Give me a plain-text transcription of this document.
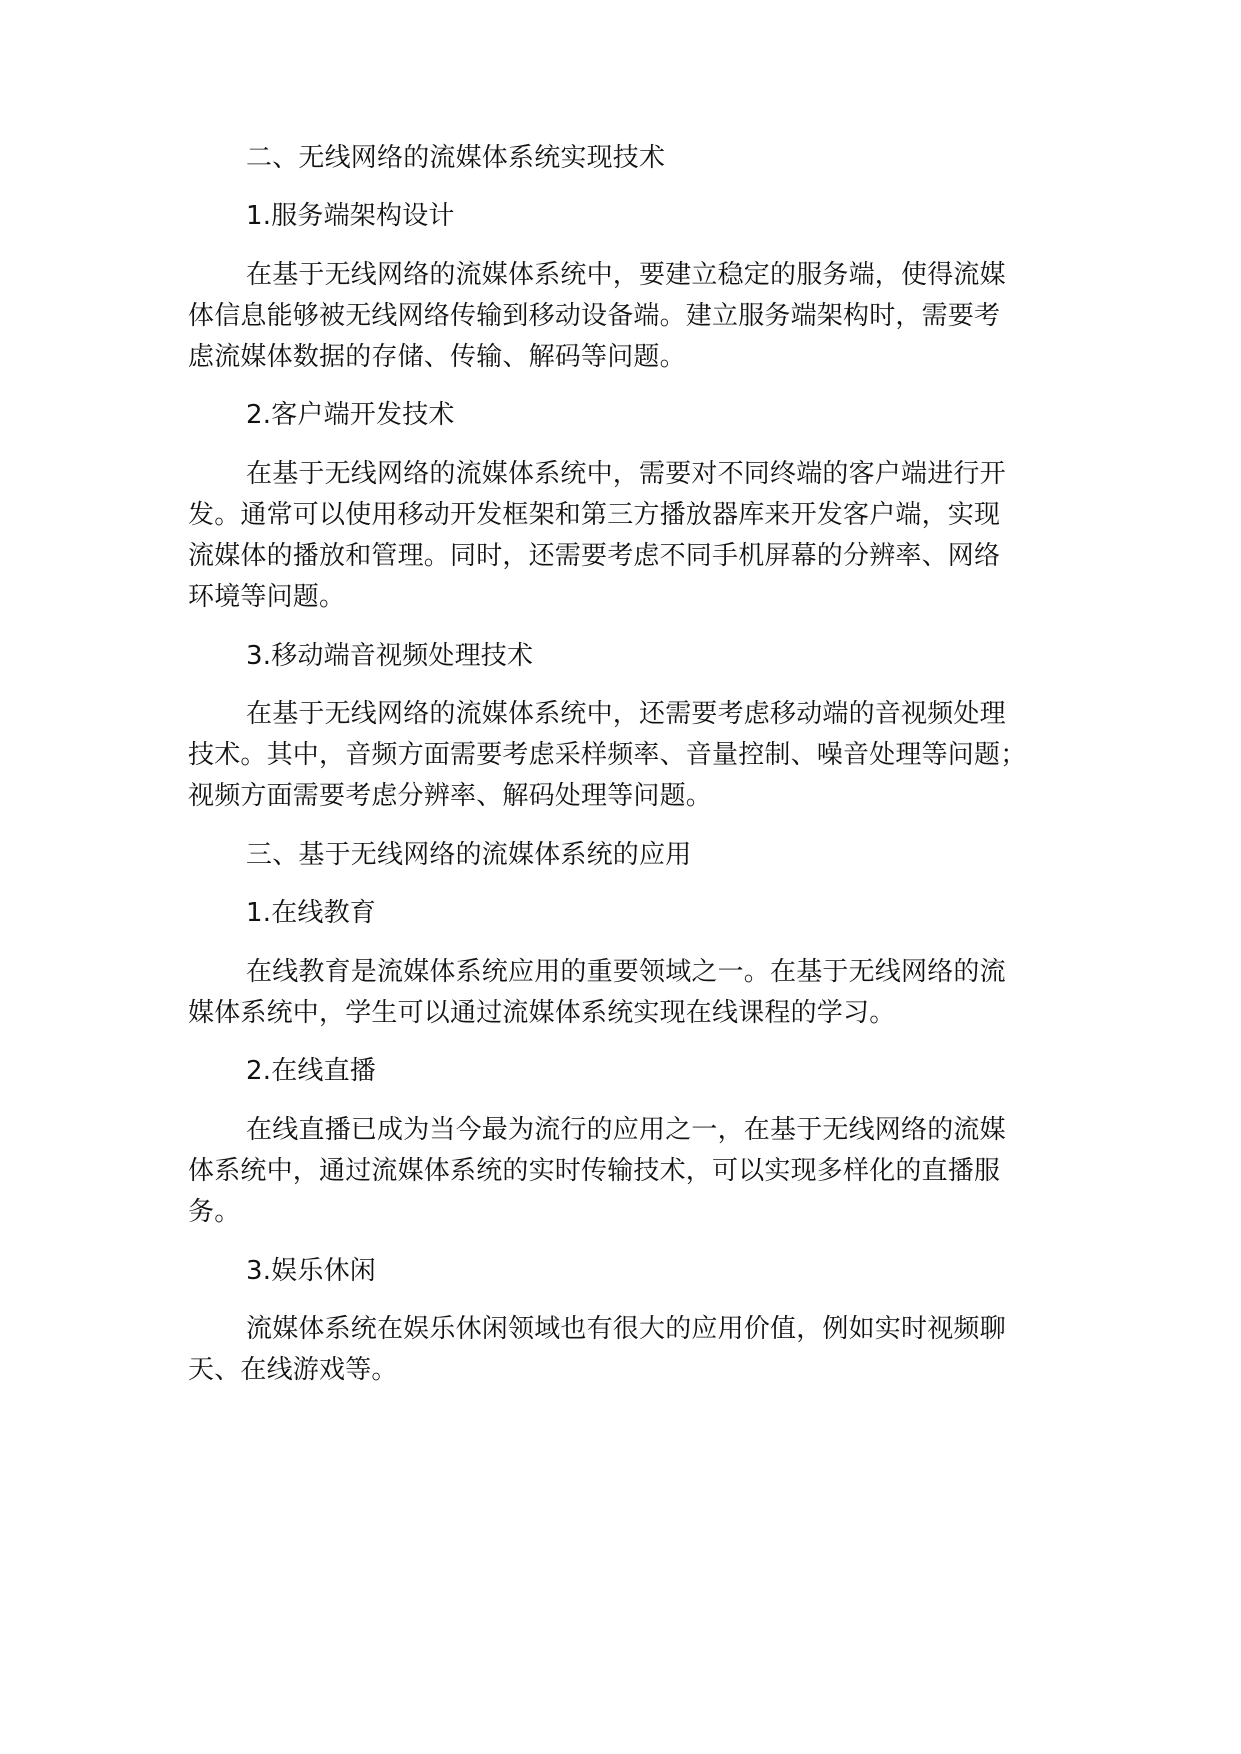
二、无线网络的流媒体系统实现技术
1.服务端架构设计
在基于无线网络的流媒体系统中，要建立稳定的服务端，使得流媒
体信息能够被无线网络传输到移动设备端。建立服务端架构时，需要考
虑流媒体数据的存储、传输、解码等问题。
2.客户端开发技术
在基于无线网络的流媒体系统中，需要对不同终端的客户端进行开
发。通常可以使用移动开发框架和第三方播放器库来开发客户端，实现
流媒体的播放和管理。同时，还需要考虑不同手机屏幕的分辨率、网络
环境等问题。
3.移动端音视频处理技术
在基于无线网络的流媒体系统中，还需要考虑移动端的音视频处理
技术。其中，音频方面需要考虑采样频率、音量控制、噪音处理等问题；
视频方面需要考虑分辨率、解码处理等问题。
三、基于无线网络的流媒体系统的应用
1.在线教育
在线教育是流媒体系统应用的重要领域之一。在基于无线网络的流
媒体系统中，学生可以通过流媒体系统实现在线课程的学习。
2.在线直播
在线直播已成为当今最为流行的应用之一，在基于无线网络的流媒
体系统中，通过流媒体系统的实时传输技术，可以实现多样化的直播服
务。
3.娱乐休闲
流媒体系统在娱乐休闲领域也有很大的应用价值，例如实时视频聊
天、在线游戏等。
